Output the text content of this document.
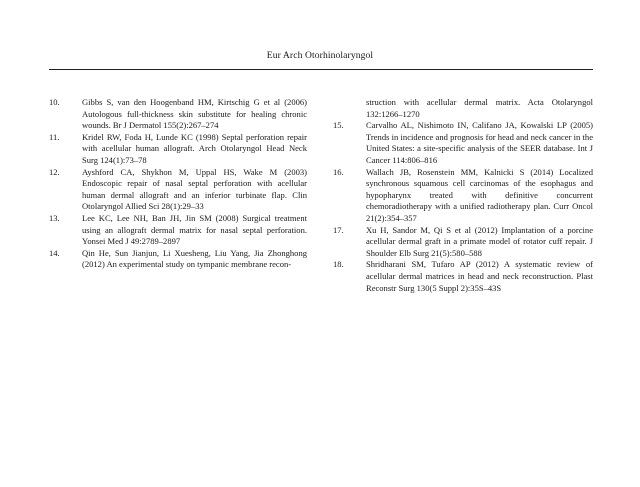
Eur Arch Otorhinolaryngol
10.	Gibbs S, van den Hoogenband HM, Kirtschig G et al (2006) Autologous full-thickness skin substitute for healing chronic wounds. Br J Dermatol 155(2):267–274
11.	Kridel RW, Foda H, Lunde KC (1998) Septal perforation repair with acellular human allograft. Arch Otolaryngol Head Neck Surg 124(1):73–78
12.	Ayshford CA, Shykhon M, Uppal HS, Wake M (2003) Endoscopic repair of nasal septal perforation with acellular human dermal allograft and an inferior turbinate flap. Clin Otolaryngol Allied Sci 28(1):29–33
13.	Lee KC, Lee NH, Ban JH, Jin SM (2008) Surgical treatment using an allograft dermal matrix for nasal septal perforation. Yonsei Med J 49:2789–2897
14.	Qin He, Sun Jianjun, Li Xuesheng, Liu Yang, Jia Zhonghong (2012) An experimental study on tympanic membrane recon-
struction with acellular dermal matrix. Acta Otolaryngol 132:1266–1270
15.	Carvalho AL, Nishimoto IN, Califano JA, Kowalski LP (2005) Trends in incidence and prognosis for head and neck cancer in the United States: a site-specific analysis of the SEER database. Int J Cancer 114:806–816
16.	Wallach JB, Rosenstein MM, Kalnicki S (2014) Localized synchronous squamous cell carcinomas of the esophagus and hypopharynx treated with definitive concurrent chemoradiotherapy with a unified radiotherapy plan. Curr Oncol 21(2):354–357
17.	Xu H, Sandor M, Qi S et al (2012) Implantation of a porcine acellular dermal graft in a primate model of rotator cuff repair. J Shoulder Elb Surg 21(5):580–588
18.	Shridharani SM, Tufaro AP (2012) A systematic review of acellular dermal matrices in head and neck reconstruction. Plast Reconstr Surg 130(5 Suppl 2):35S–43S
